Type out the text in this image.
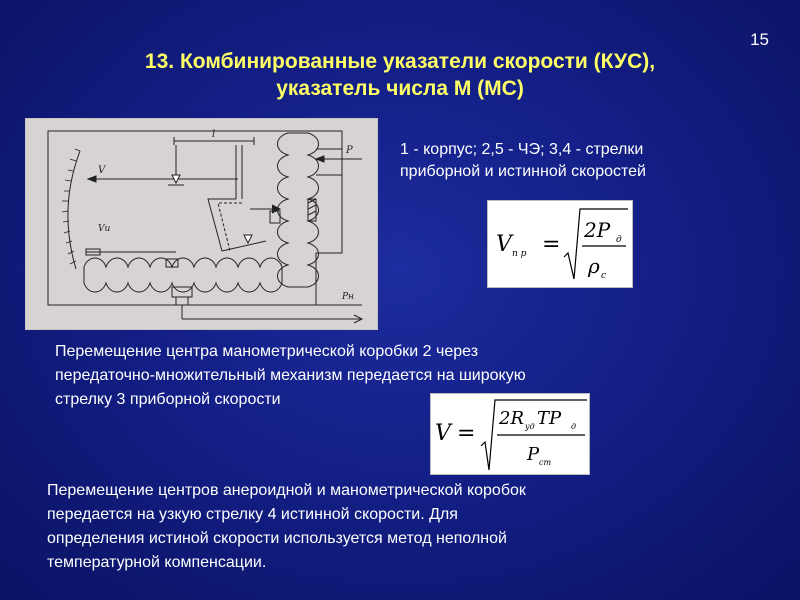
15
13. Комбинированные указатели скорости (КУС),
указатель числа М (МС)
l
V
Vи
P
Pн

1 - корпус; 2,5 - ЧЭ; 3,4 - стрелки
приборной и истинной скоростей

V п р =
2P д
ρ c

Перемещение центра манометрической коробки 2 через
передаточно-множительный механизм передается на широкую
стрелку 3 приборной скорости

V =
2R уд TP д
P ст

Перемещение центров анероидной и манометрической коробок
передается на узкую стрелку 4 истинной скорости. Для
определения истиной скорости используется метод неполной
температурной компенсации.
